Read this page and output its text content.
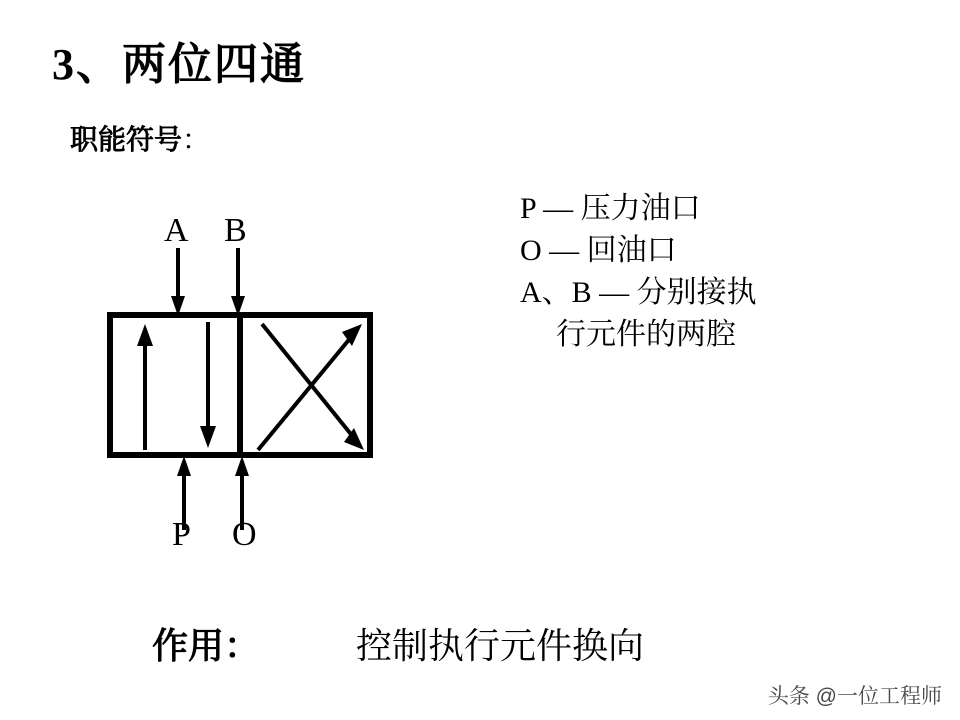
3、两位四通
职能符号：
P — 压力油口
O — 回油口
A、B — 分别接执
行元件的两腔
A B
P O
作用：	控制执行元件换向
头条 @一位工程师
